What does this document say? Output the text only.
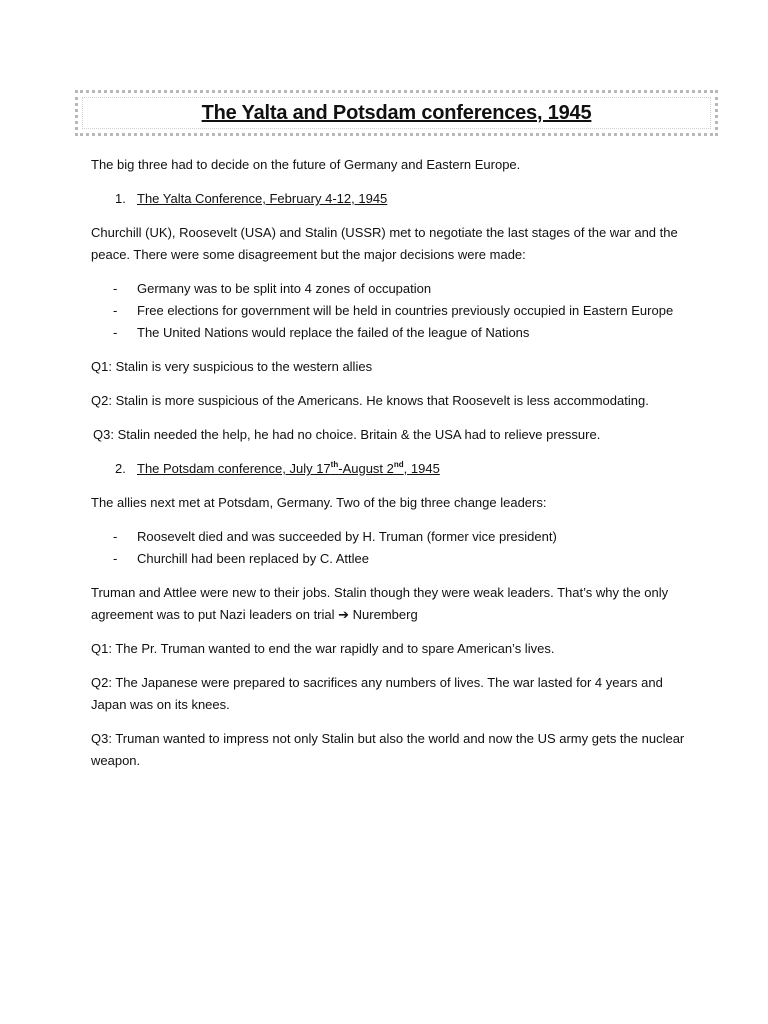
The Yalta and Potsdam conferences, 1945

The big three had to decide on the future of Germany and Eastern Europe.

1. The Yalta Conference, February 4-12, 1945

Churchill (UK), Roosevelt (USA) and Stalin (USSR) met to negotiate the last stages of the war and the peace. There were some disagreement but the major decisions were made:

- Germany was to be split into 4 zones of occupation
- Free elections for government will be held in countries previously occupied in Eastern Europe
- The United Nations would replace the failed of the league of Nations

Q1: Stalin is very suspicious to the western allies

Q2: Stalin is more suspicious of the Americans. He knows that Roosevelt is less accommodating.

Q3: Stalin needed the help, he had no choice. Britain & the USA had to relieve pressure.

2. The Potsdam conference, July 17th-August 2nd, 1945

The allies next met at Potsdam, Germany. Two of the big three change leaders:

- Roosevelt died and was succeeded by H. Truman (former vice president)
- Churchill had been replaced by C. Attlee

Truman and Attlee were new to their jobs. Stalin though they were weak leaders. That’s why the only agreement was to put Nazi leaders on trial ➔ Nuremberg

Q1: The Pr. Truman wanted to end the war rapidly and to spare American’s lives.

Q2: The Japanese were prepared to sacrifices any numbers of lives. The war lasted for 4 years and Japan was on its knees.

Q3: Truman wanted to impress not only Stalin but also the world and now the US army gets the nuclear weapon.
